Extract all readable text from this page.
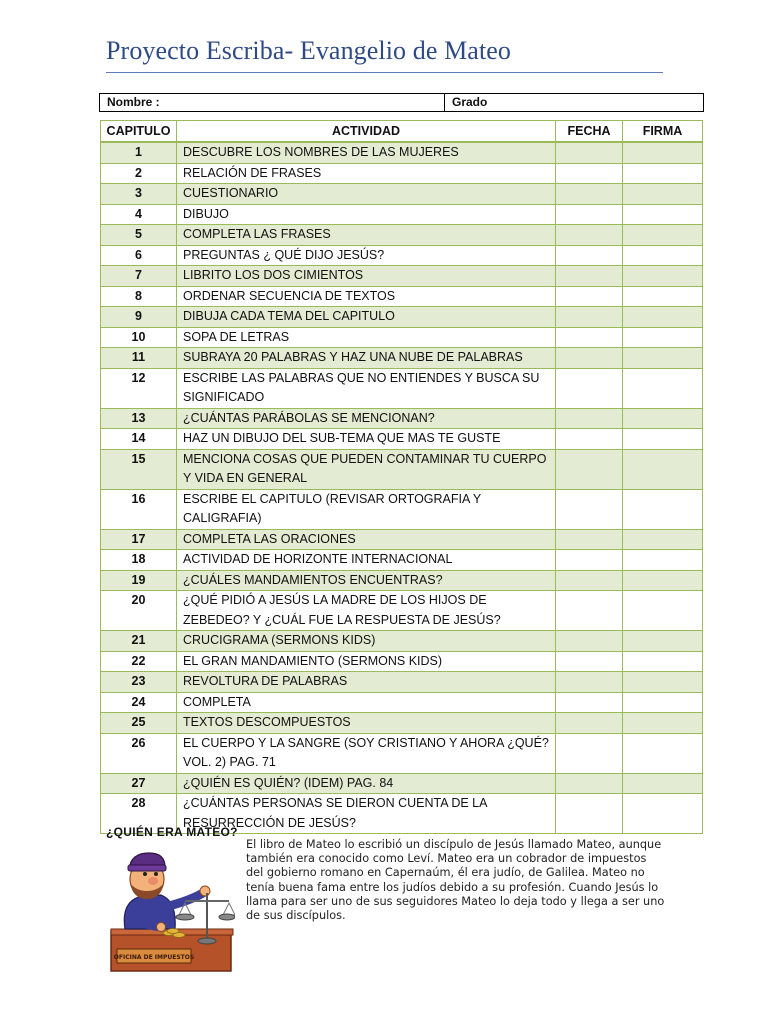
Proyecto Escriba- Evangelio de Mateo
Nombre :	Grado
CAPITULO	ACTIVIDAD	FECHA	FIRMA
1	DESCUBRE LOS NOMBRES DE LAS MUJERES		
2	RELACIÓN DE FRASES		
3	CUESTIONARIO		
4	DIBUJO		
5	COMPLETA LAS FRASES		
6	PREGUNTAS ¿ QUÉ DIJO JESÚS?		
7	LIBRITO LOS DOS CIMIENTOS		
8	ORDENAR SECUENCIA DE TEXTOS		
9	DIBUJA CADA TEMA DEL CAPITULO		
10	SOPA DE LETRAS		
11	SUBRAYA 20 PALABRAS Y HAZ UNA NUBE DE PALABRAS		
12	ESCRIBE LAS PALABRAS QUE NO ENTIENDES Y BUSCA SU SIGNIFICADO		
13	¿CUÁNTAS PARÁBOLAS SE MENCIONAN?		
14	HAZ UN DIBUJO DEL SUB-TEMA QUE MAS TE GUSTE		
15	MENCIONA COSAS QUE PUEDEN CONTAMINAR TU CUERPO Y VIDA EN GENERAL		
16	ESCRIBE EL CAPITULO (REVISAR ORTOGRAFIA Y CALIGRAFIA)		
17	COMPLETA LAS ORACIONES		
18	ACTIVIDAD DE HORIZONTE INTERNACIONAL		
19	¿CUÁLES MANDAMIENTOS ENCUENTRAS?		
20	¿QUÉ PIDIÓ A JESÚS LA MADRE DE LOS HIJOS DE ZEBEDEO? Y ¿CUÁL FUE LA RESPUESTA DE JESÚS?		
21	CRUCIGRAMA (SERMONS KIDS)		
22	EL GRAN MANDAMIENTO (SERMONS KIDS)		
23	REVOLTURA DE PALABRAS		
24	COMPLETA		
25	TEXTOS DESCOMPUESTOS		
26	EL CUERPO Y LA SANGRE (SOY CRISTIANO Y AHORA ¿QUÉ? VOL. 2) PAG. 71		
27	¿QUIÉN ES QUIÉN? (IDEM) PAG. 84		
28	¿CUÁNTAS PERSONAS SE DIERON CUENTA DE LA RESURRECCIÓN DE JESÚS?		
¿QUIÉN ERA MATEO?
OFICINA DE IMPUESTOS
El libro de Mateo lo escribió un discípulo de Jesús llamado Mateo, aunque también era conocido como Leví. Mateo era un cobrador de impuestos del gobierno romano en Capernaúm, él era judío, de Galilea. Mateo no tenía buena fama entre los judíos debido a su profesión. Cuando Jesús lo llama para ser uno de sus seguidores Mateo lo deja todo y llega a ser uno de sus discípulos.
